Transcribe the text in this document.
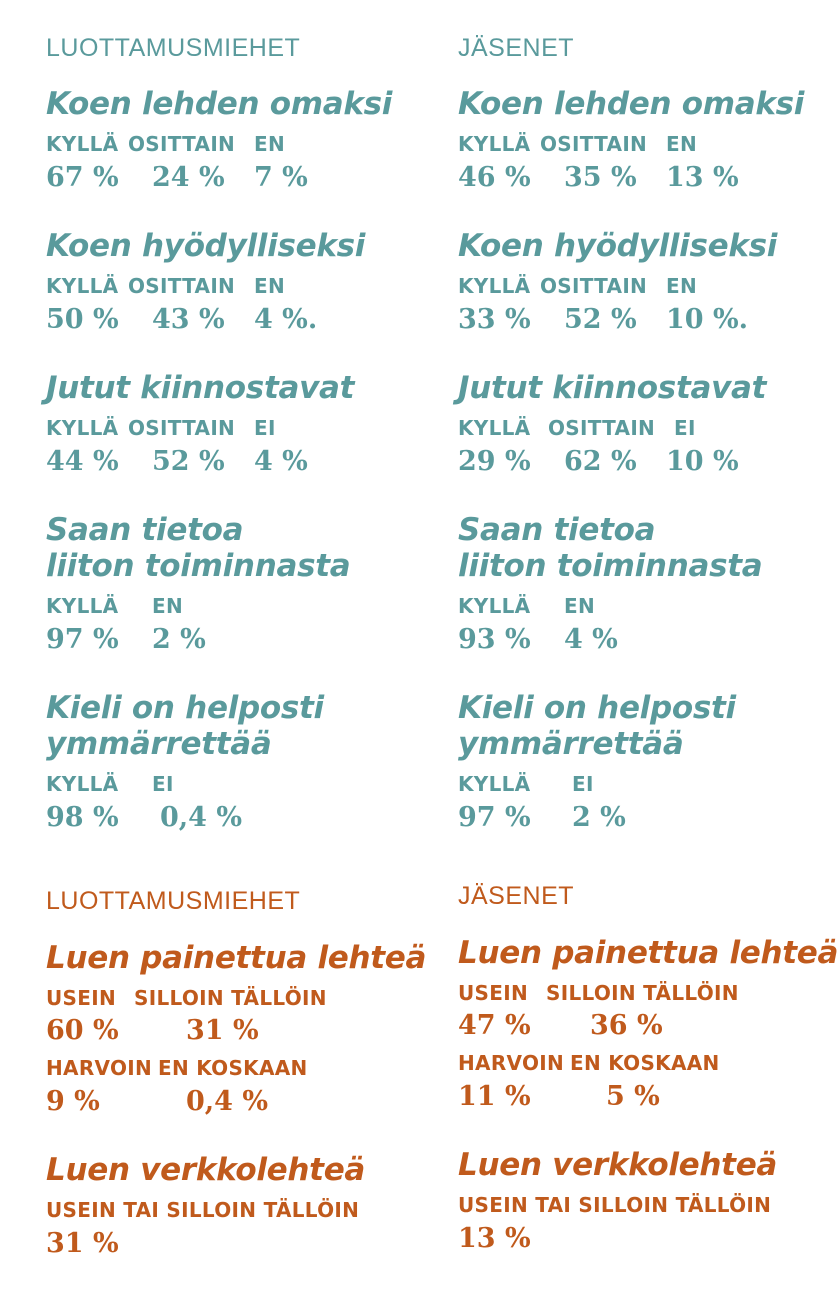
LUOTTAMUSMIEHET
Koen lehden omaksi
KYLLÄ OSITTAIN EN
67 % 24 % 7 %
Koen hyödylliseksi
KYLLÄ OSITTAIN EN
50 % 43 % 4 %.
Jutut kiinnostavat
KYLLÄ OSITTAIN EI
44 % 52 % 4 %
Saan tietoa
liiton toiminnasta
KYLLÄ EN
97 % 2 %
Kieli on helposti
ymmärrettää
KYLLÄ EI
98 % 0,4 %
JÄSENET
Koen lehden omaksi
KYLLÄ OSITTAIN EN
46 % 35 % 13 %
Koen hyödylliseksi
KYLLÄ OSITTAIN EN
33 % 52 % 10 %.
Jutut kiinnostavat
KYLLÄ OSITTAIN EI
29 % 62 % 10 %
Saan tietoa
liiton toiminnasta
KYLLÄ EN
93 % 4 %
Kieli on helposti
ymmärrettää
KYLLÄ EI
97 % 2 %
LUOTTAMUSMIEHET
Luen painettua lehteä
USEIN SILLOIN TÄLLÖIN
60 % 31 %
HARVOIN EN KOSKAAN
9 %	0,4 %
Luen verkkolehteä
USEIN TAI SILLOIN TÄLLÖIN
31 %
JÄSENET
Luen painettua lehteä
USEIN SILLOIN TÄLLÖIN
47 % 36 %
HARVOIN EN KOSKAAN
11 %	5 %
Luen verkkolehteä
USEIN TAI SILLOIN TÄLLÖIN
13 %
